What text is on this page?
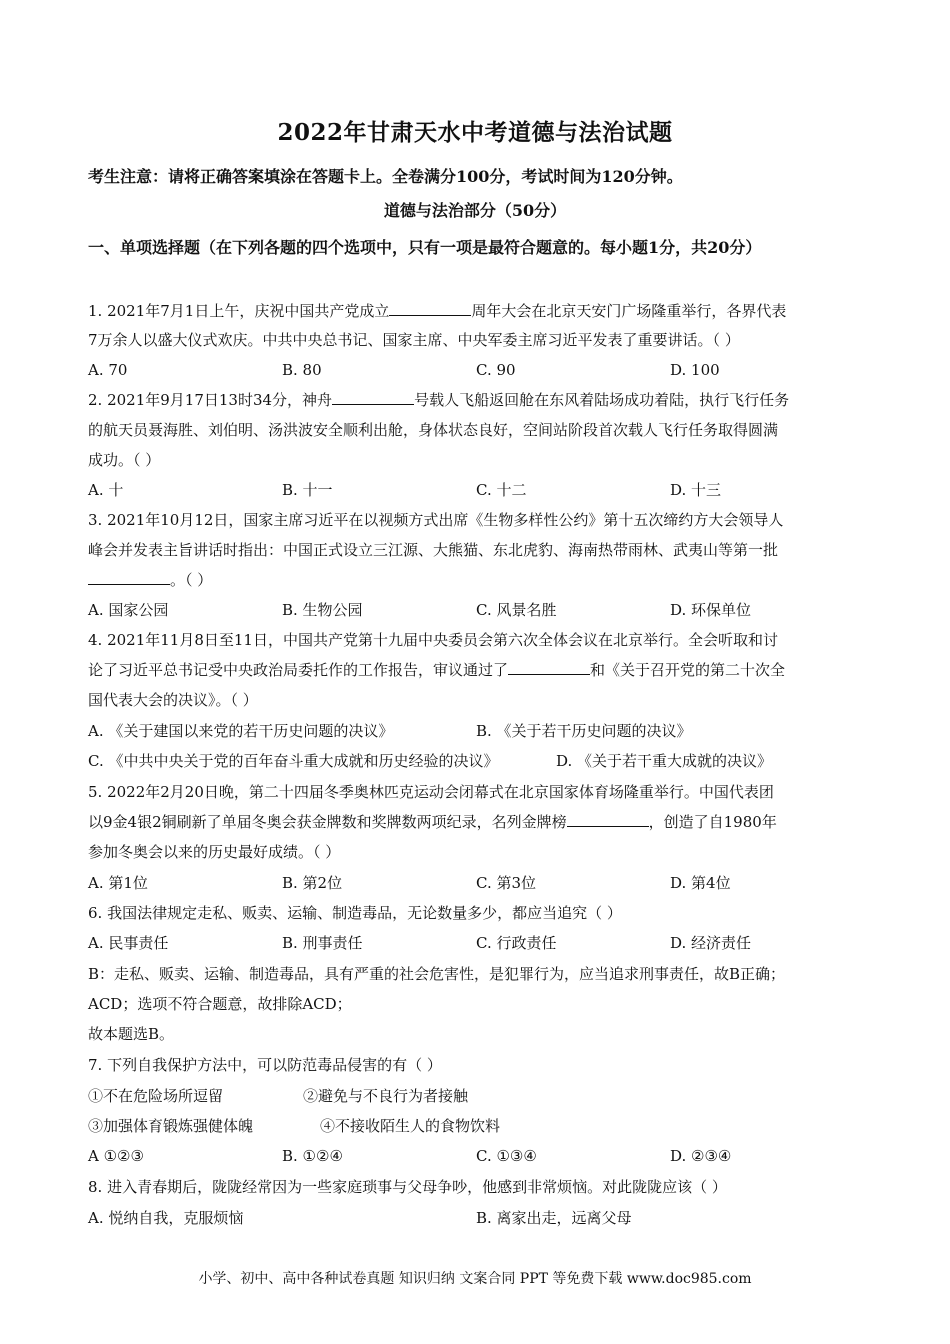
2022年甘肃天水中考道德与法治试题
考生注意：请将正确答案填涂在答题卡上。全卷满分100分，考试时间为120分钟。
道德与法治部分（50分）
一、单项选择题（在下列各题的四个选项中，只有一项是最符合题意的。每小题1分，共20分）
1. 2021年7月1日上午，庆祝中国共产党成立	周年大会在北京天安门广场隆重举行，各界代表
7万余人以盛大仪式欢庆。中共中央总书记、国家主席、中央军委主席习近平发表了重要讲话。（ ）
A. 70	B. 80	C. 90	D. 100
2. 2021年9月17日13时34分，神舟	号载人飞船返回舱在东风着陆场成功着陆，执行飞行任务
的航天员聂海胜、刘伯明、汤洪波安全顺利出舱，身体状态良好，空间站阶段首次载人飞行任务取得圆满
成功。（ ）
A. 十	B. 十一	C. 十二	D. 十三
3. 2021年10月12日，国家主席习近平在以视频方式出席《生物多样性公约》第十五次缔约方大会领导人
峰会并发表主旨讲话时指出：中国正式设立三江源、大熊猫、东北虎豹、海南热带雨林、武夷山等第一批
。（ ）
A. 国家公园	B. 生物公园	C. 风景名胜	D. 环保单位
4. 2021年11月8日至11日，中国共产党第十九届中央委员会第六次全体会议在北京举行。全会听取和讨
论了习近平总书记受中央政治局委托作的工作报告，审议通过了	和《关于召开党的第二十次全
国代表大会的决议》。（ ）
A. 《关于建国以来党的若干历史问题的决议》	B. 《关于若干历史问题的决议》
C. 《中共中央关于党的百年奋斗重大成就和历史经验的决议》	D. 《关于若干重大成就的决议》
5. 2022年2月20日晚，第二十四届冬季奥林匹克运动会闭幕式在北京国家体育场隆重举行。中国代表团
以9金4银2铜刷新了单届冬奥会获金牌数和奖牌数两项纪录，名列金牌榜	，创造了自1980年
参加冬奥会以来的历史最好成绩。（ ）
A. 第1位	B. 第2位	C. 第3位	D. 第4位
6. 我国法律规定走私、贩卖、运输、制造毒品，无论数量多少，都应当追究（ ）
A. 民事责任	B. 刑事责任	C. 行政责任	D. 经济责任
B：走私、贩卖、运输、制造毒品，具有严重的社会危害性，是犯罪行为，应当追求刑事责任，故B正确；
ACD；选项不符合题意，故排除ACD；
故本题选B。
7. 下列自我保护方法中，可以防范毒品侵害的有（ ）
①不在危险场所逗留	②避免与不良行为者接触
③加强体育锻炼强健体魄	④不接收陌生人的食物饮料
A ①②③	B. ①②④	C. ①③④	D. ②③④
8. 进入青春期后，陇陇经常因为一些家庭琐事与父母争吵，他感到非常烦恼。对此陇陇应该（ ）
A. 悦纳自我，克服烦恼	B. 离家出走，远离父母
小学、初中、高中各种试卷真题 知识归纳 文案合同 PPT 等免费下载 www.doc985.com
